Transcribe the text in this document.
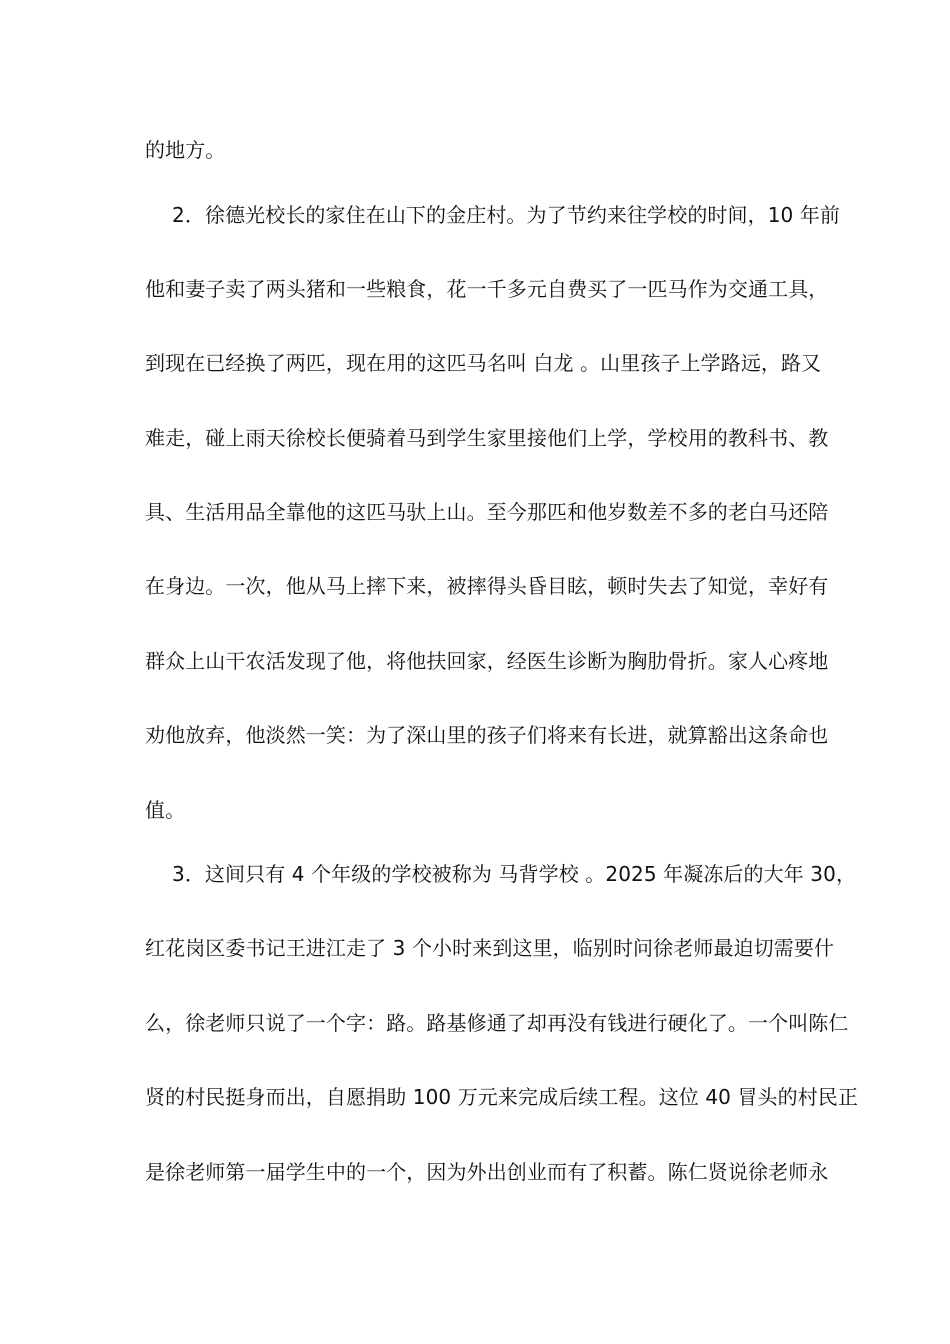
的地方。
2．徐德光校长的家住在山下的金庄村。为了节约来往学校的时间，10 年前
他和妻子卖了两头猪和一些粮食，花一千多元自费买了一匹马作为交通工具，
到现在已经换了两匹，现在用的这匹马名叫 白龙 。山里孩子上学路远，路又
难走，碰上雨天徐校长便骑着马到学生家里接他们上学，学校用的教科书、教
具、生活用品全靠他的这匹马驮上山。至今那匹和他岁数差不多的老白马还陪
在身边。一次，他从马上摔下来，被摔得头昏目眩，顿时失去了知觉，幸好有
群众上山干农活发现了他，将他扶回家，经医生诊断为胸肋骨折。家人心疼地
劝他放弃，他淡然一笑：为了深山里的孩子们将来有长进，就算豁出这条命也
值。
3．这间只有 4 个年级的学校被称为 马背学校 。2025 年凝冻后的大年 30，
红花岗区委书记王进江走了 3 个小时来到这里，临别时问徐老师最迫切需要什
么，徐老师只说了一个字：路。路基修通了却再没有钱进行硬化了。一个叫陈仁
贤的村民挺身而出，自愿捐助 100 万元来完成后续工程。这位 40 冒头的村民正
是徐老师第一届学生中的一个，因为外出创业而有了积蓄。陈仁贤说徐老师永
